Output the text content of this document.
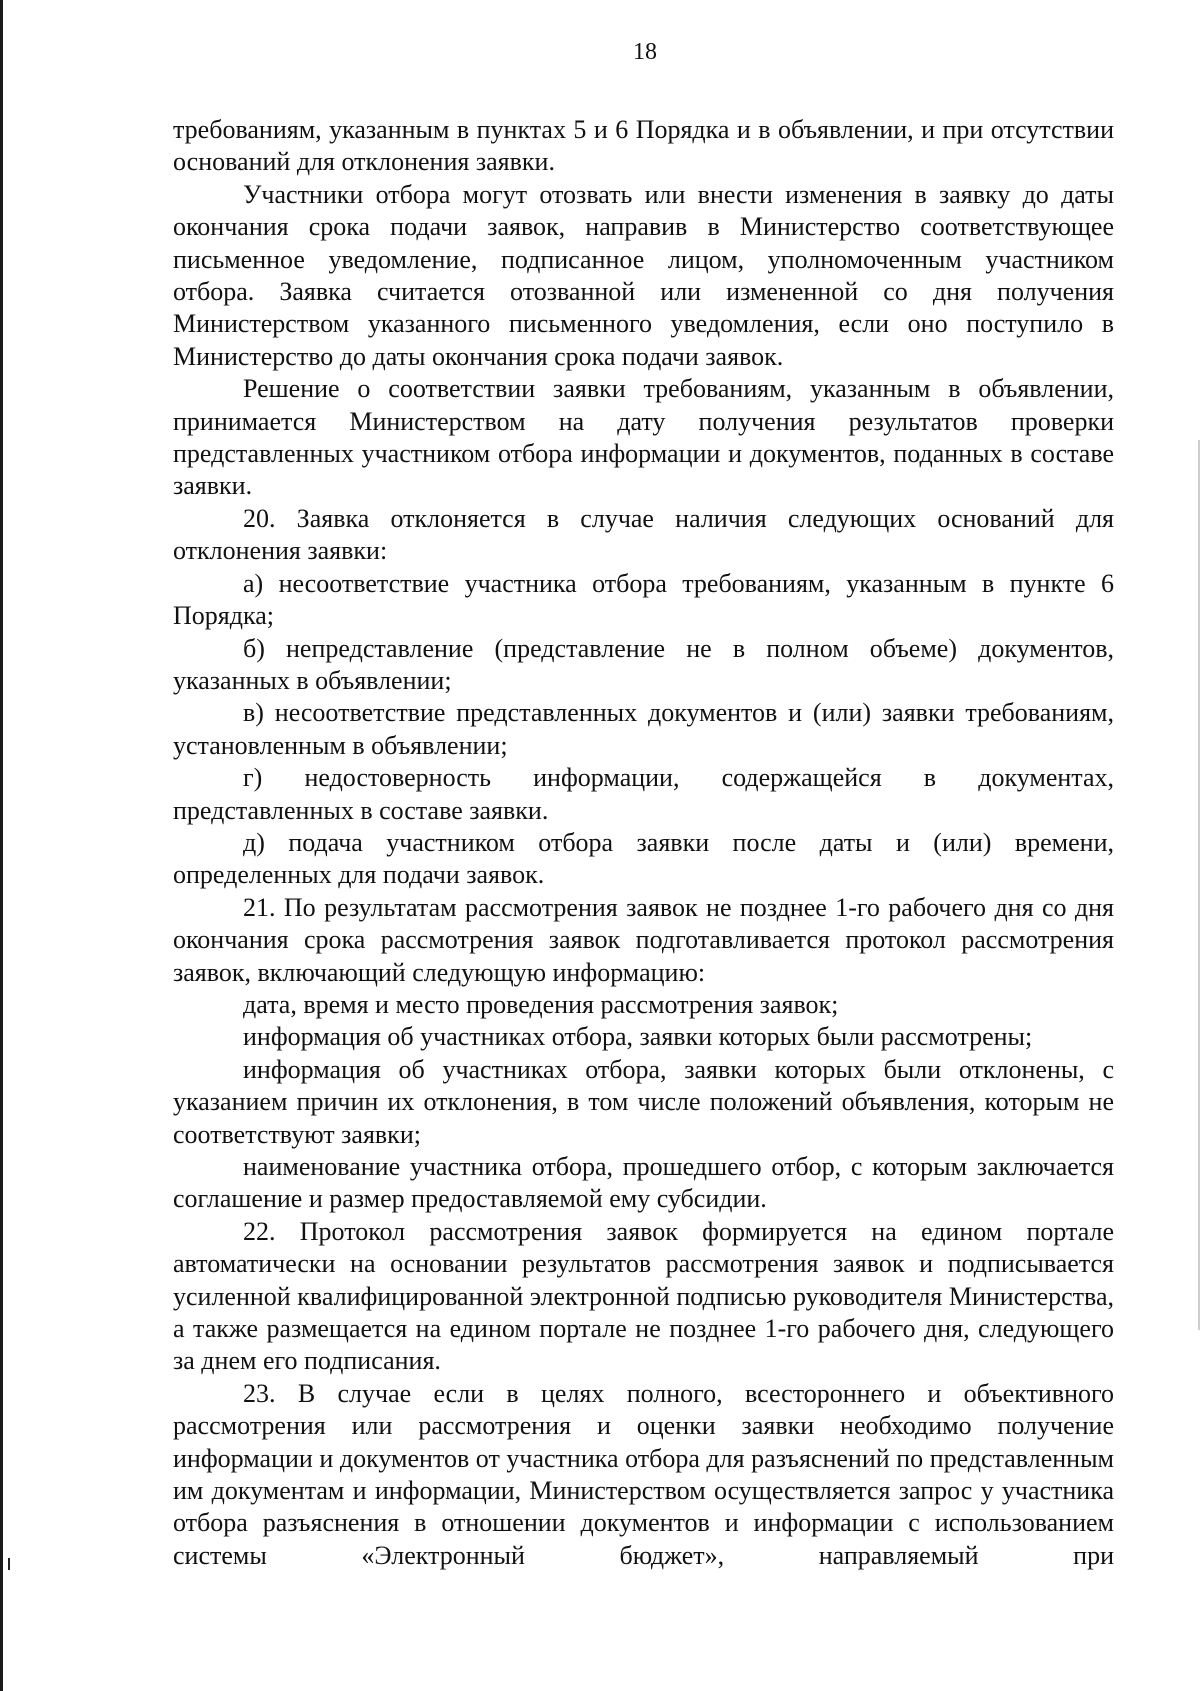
18

требованиям, указанным в пунктах 5 и 6 Порядка и в объявлении, и при отсутствии оснований для отклонения заявки.

Участники отбора могут отозвать или внести изменения в заявку до даты окончания срока подачи заявок, направив в Министерство соответствующее письменное уведомление, подписанное лицом, уполномоченным участником отбора. Заявка считается отозванной или измененной со дня получения Министерством указанного письменного уведомления, если оно поступило в Министерство до даты окончания срока подачи заявок.

Решение о соответствии заявки требованиям, указанным в объявлении, принимается Министерством на дату получения результатов проверки представленных участником отбора информации и документов, поданных в составе заявки.

20. Заявка отклоняется в случае наличия следующих оснований для отклонения заявки:

а) несоответствие участника отбора требованиям, указанным в пункте 6 Порядка;

б) непредставление (представление не в полном объеме) документов, указанных в объявлении;

в) несоответствие представленных документов и (или) заявки требованиям, установленным в объявлении;

г) недостоверность информации, содержащейся в документах, представленных в составе заявки.

д) подача участником отбора заявки после даты и (или) времени, определенных для подачи заявок.

21. По результатам рассмотрения заявок не позднее 1-го рабочего дня со дня окончания срока рассмотрения заявок подготавливается протокол рассмотрения заявок, включающий следующую информацию:

дата, время и место проведения рассмотрения заявок;

информация об участниках отбора, заявки которых были рассмотрены;

информация об участниках отбора, заявки которых были отклонены, с указанием причин их отклонения, в том числе положений объявления, которым не соответствуют заявки;

наименование участника отбора, прошедшего отбор, с которым заключается соглашение и размер предоставляемой ему субсидии.

22. Протокол рассмотрения заявок формируется на едином портале автоматически на основании результатов рассмотрения заявок и подписывается усиленной квалифицированной электронной подписью руководителя Министерства, а также размещается на едином портале не позднее 1-го рабочего дня, следующего за днем его подписания.

23. В случае если в целях полного, всестороннего и объективного рассмотрения или рассмотрения и оценки заявки необходимо получение информации и документов от участника отбора для разъяснений по представленным им документам и информации, Министерством осуществляется запрос у участника отбора разъяснения в отношении документов и информации с использованием системы «Электронный бюджет», направляемый при
